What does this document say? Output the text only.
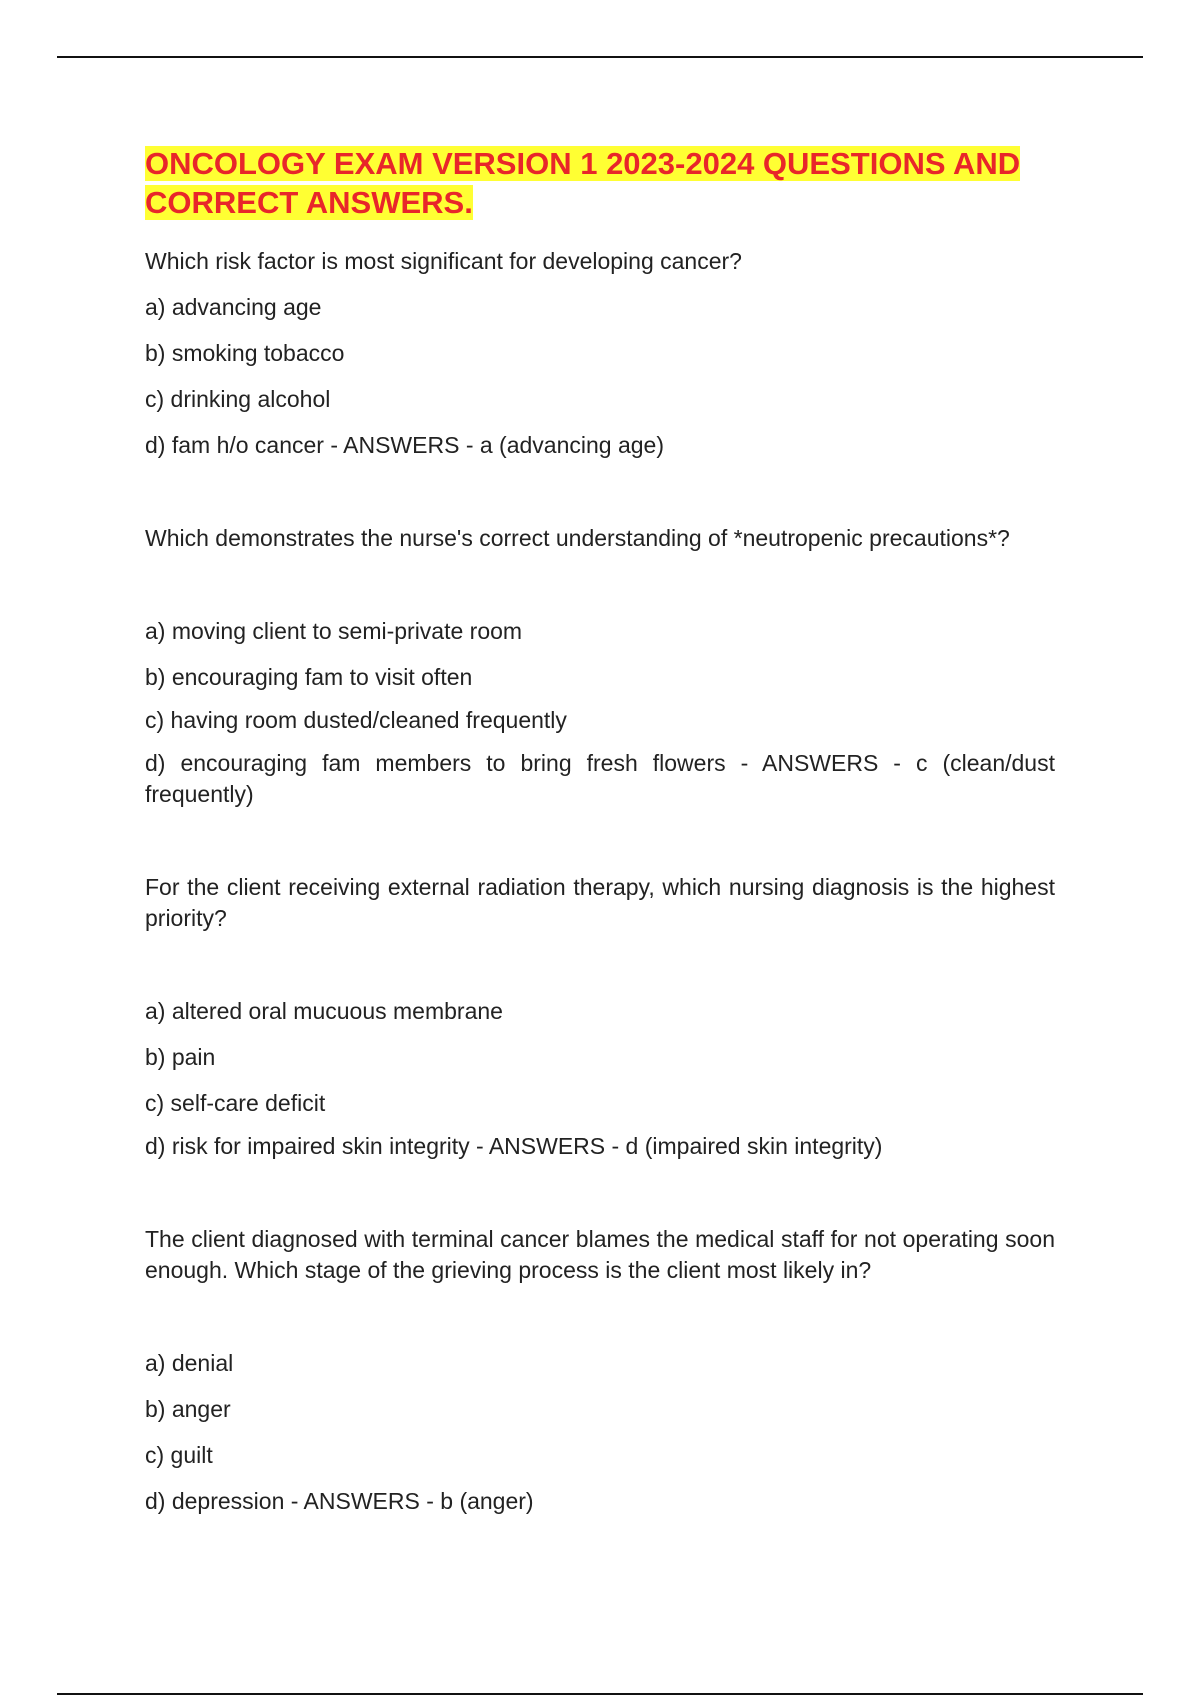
ONCOLOGY EXAM VERSION 1 2023-2024 QUESTIONS AND CORRECT ANSWERS.

Which risk factor is most significant for developing cancer?

a) advancing age

b) smoking tobacco

c) drinking alcohol

d) fam h/o cancer - ANSWERS - a (advancing age)

Which demonstrates the nurse's correct understanding of *neutropenic precautions*?

a) moving client to semi-private room

b) encouraging fam to visit often

c) having room dusted/cleaned frequently

d) encouraging fam members to bring fresh flowers - ANSWERS - c (clean/dust frequently)

For the client receiving external radiation therapy, which nursing diagnosis is the highest priority?

a) altered oral mucuous membrane

b) pain

c) self-care deficit

d) risk for impaired skin integrity - ANSWERS - d (impaired skin integrity)

The client diagnosed with terminal cancer blames the medical staff for not operating soon enough. Which stage of the grieving process is the client most likely in?

a) denial

b) anger

c) guilt

d) depression - ANSWERS - b (anger)
